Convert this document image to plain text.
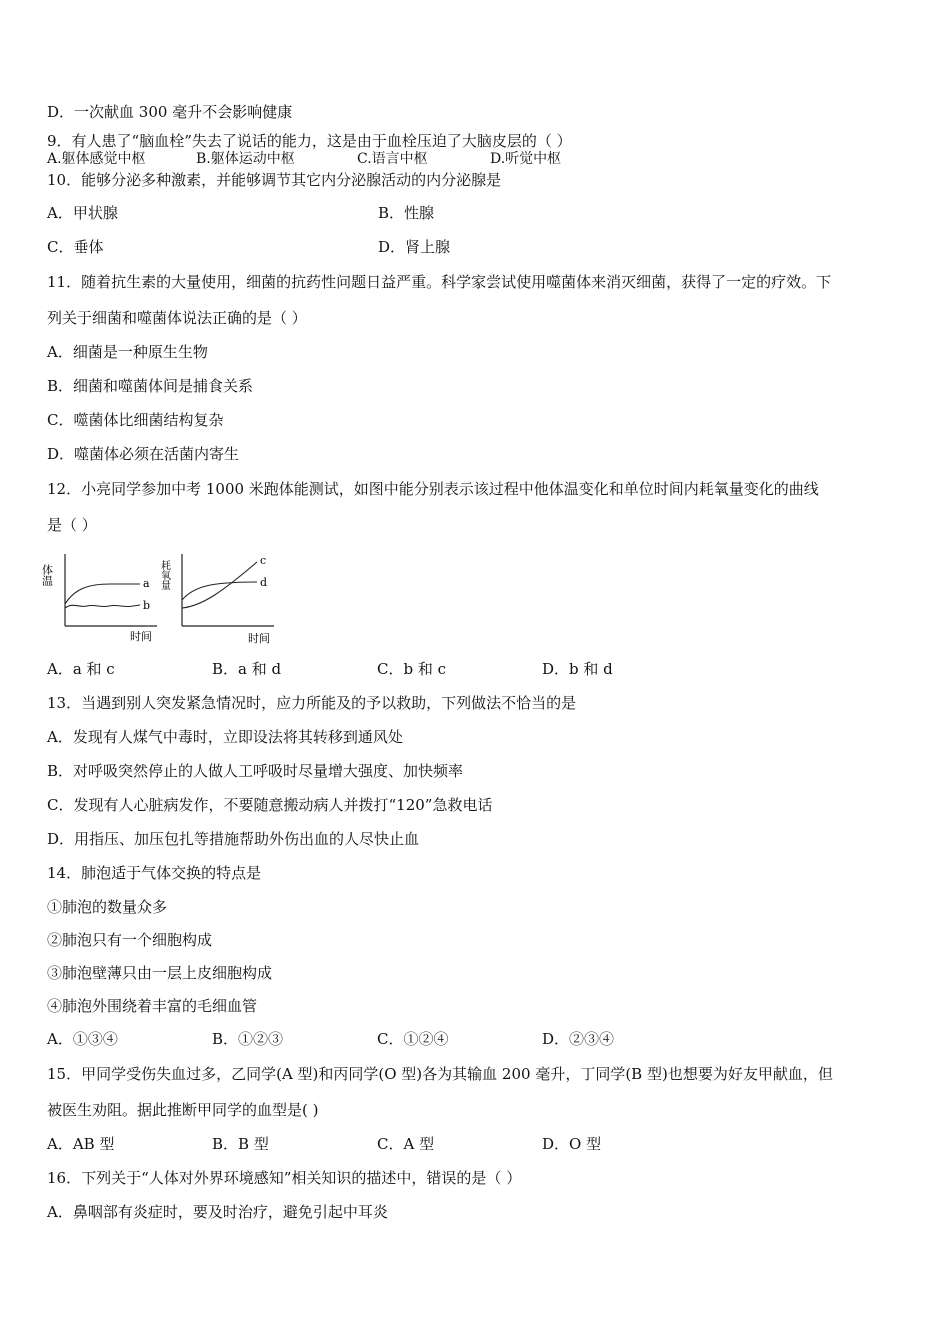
D．一次献血 300 毫升不会影响健康
9．有人患了“脑血栓”失去了说话的能力，这是由于血栓压迫了大脑皮层的（ ）
A.躯体感觉中枢	B.躯体运动中枢	C.语言中枢	D.听觉中枢
10．能够分泌多种激素，并能够调节其它内分泌腺活动的内分泌腺是
A．甲状腺	B．性腺
C．垂体	D．肾上腺
11．随着抗生素的大量使用，细菌的抗药性问题日益严重。科学家尝试使用噬菌体来消灭细菌，获得了一定的疗效。下
列关于细菌和噬菌体说法正确的是（ ）
A．细菌是一种原生生物
B．细菌和噬菌体间是捕食关系
C．噬菌体比细菌结构复杂
D．噬菌体必须在活菌内寄生
12．小亮同学参加中考 1000 米跑体能测试，如图中能分别表示该过程中他体温变化和单位时间内耗氧量变化的曲线
是（ ）
体温	a
b
时间
耗氧量	c
d
时间
A．a 和 c	B．a 和 d	C．b 和 c	D．b 和 d
13．当遇到别人突发紧急情况时，应力所能及的予以救助，下列做法不恰当的是
A．发现有人煤气中毒时，立即设法将其转移到通风处
B．对呼吸突然停止的人做人工呼吸时尽量增大强度、加快频率
C．发现有人心脏病发作，不要随意搬动病人并拨打“120”急救电话
D．用指压、加压包扎等措施帮助外伤出血的人尽快止血
14．肺泡适于气体交换的特点是
①肺泡的数量众多
②肺泡只有一个细胞构成
③肺泡壁薄只由一层上皮细胞构成
④肺泡外围绕着丰富的毛细血管
A．①③④	B．①②③	C．①②④	D．②③④
15．甲同学受伤失血过多，乙同学(A 型)和丙同学(O 型)各为其输血 200 毫升，丁同学(B 型)也想要为好友甲献血，但
被医生劝阻。据此推断甲同学的血型是( )
A．AB 型	B．B 型	C．A 型	D．O 型
16．下列关于“人体对外界环境感知”相关知识的描述中，错误的是（ ）
A．鼻咽部有炎症时，要及时治疗，避免引起中耳炎
